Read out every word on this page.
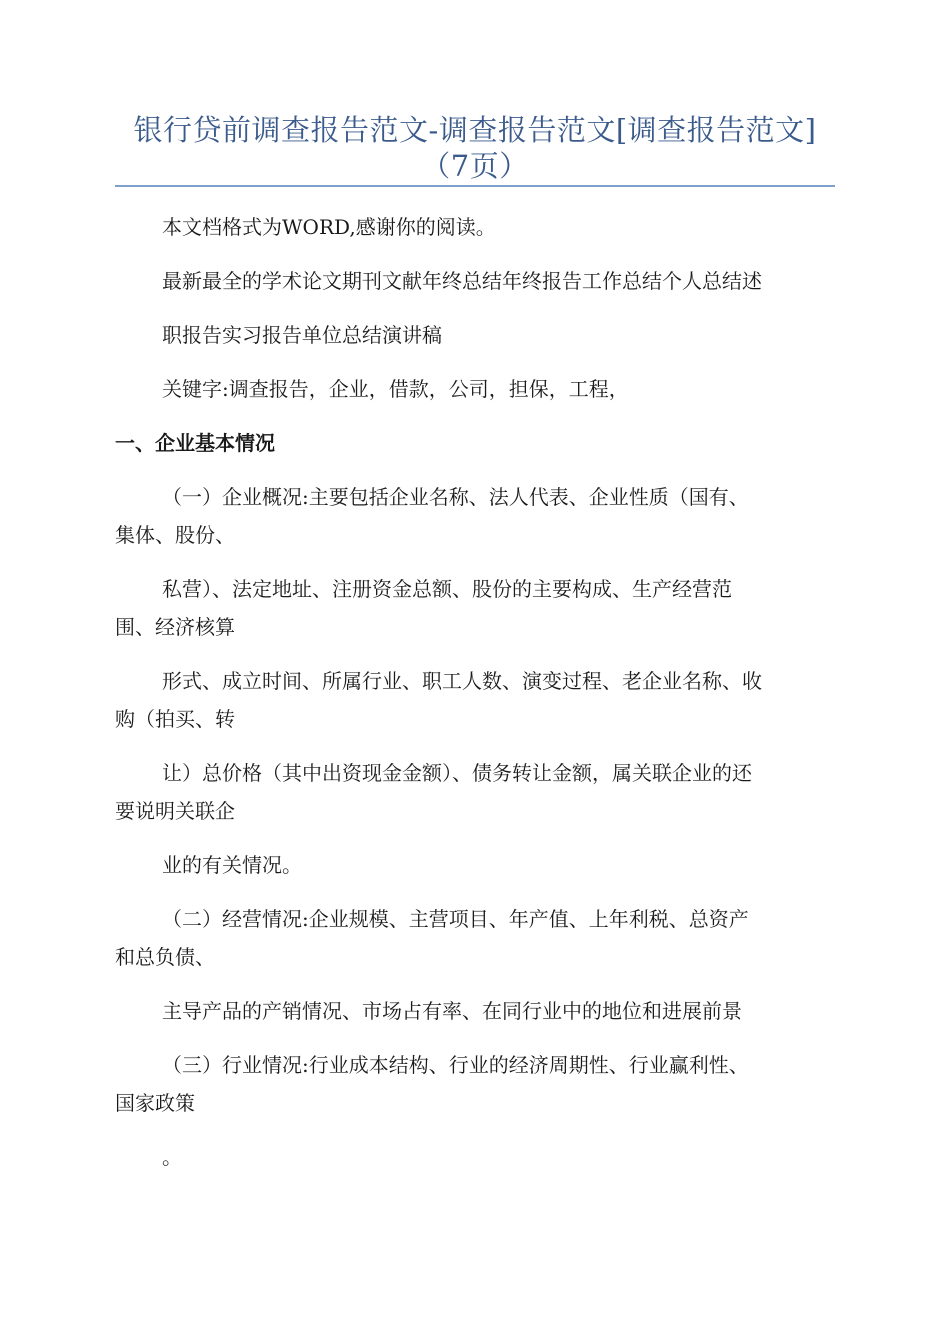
银行贷前调查报告范文-调查报告范文[调查报告范文]
（7页）
本文档格式为WORD,感谢你的阅读。
最新最全的学术论文期刊文献年终总结年终报告工作总结个人总结述
职报告实习报告单位总结演讲稿
关键字:调查报告，企业，借款，公司，担保，工程，
一、企业基本情况
（一）企业概况:主要包括企业名称、法人代表、企业性质（国有、
集体、股份、
私营）、法定地址、注册资金总额、股份的主要构成、生产经营范
围、经济核算
形式、成立时间、所属行业、职工人数、演变过程、老企业名称、收
购（拍买、转
让）总价格（其中出资现金金额）、债务转让金额，属关联企业的还
要说明关联企
业的有关情况。
（二）经营情况:企业规模、主营项目、年产值、上年利税、总资产
和总负债、
主导产品的产销情况、市场占有率、在同行业中的地位和进展前景
（三）行业情况:行业成本结构、行业的经济周期性、行业赢利性、
国家政策
。
